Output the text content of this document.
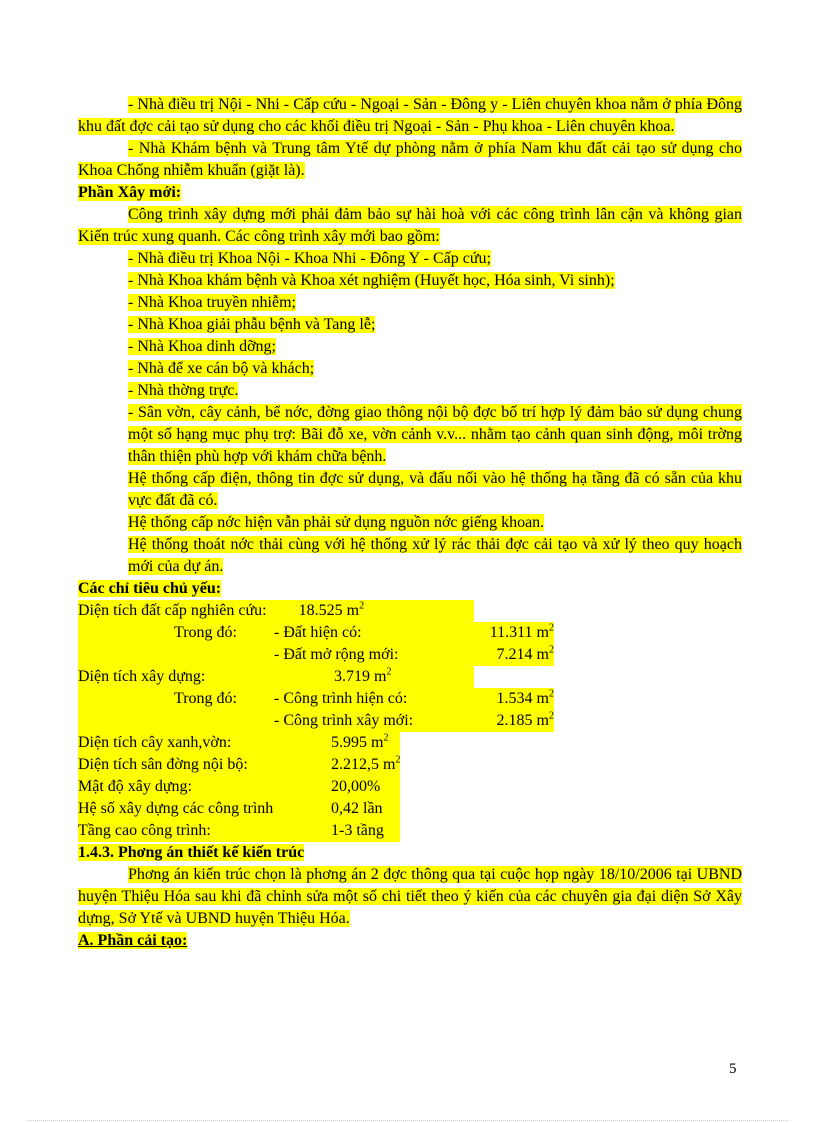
- Nhà điều trị Nội - Nhi - Cấp cứu - Ngoại - Sản - Đông y - Liên chuyên khoa nằm ở phía Đông khu đất đợc cải tạo sử dụng cho các khối điều trị Ngoại - Sản - Phụ khoa - Liên chuyên khoa.

- Nhà Khám bệnh và Trung tâm Ytế dự phòng nằm ở phía Nam khu đất cải tạo sử dụng cho Khoa Chống nhiễm khuẩn (giặt là).

Phần Xây mới:

Công trình xây dựng mới phải đảm bảo sự hài hoà với các công trình lân cận và không gian Kiến trúc xung quanh. Các công trình xây mới bao gồm:

- Nhà điều trị Khoa Nội - Khoa Nhi - Đông Y - Cấp cứu;

- Nhà Khoa khám bệnh và Khoa xét nghiệm (Huyết học, Hóa sinh, Vi sinh);

- Nhà Khoa truyền nhiễm;

- Nhà Khoa giải phẫu bệnh và Tang lễ;

- Nhà Khoa dinh dỡng;

- Nhà để xe cán bộ và khách;

- Nhà thờng trực.

- Sân vờn, cây cảnh, bể nớc, đờng giao thông nội bộ đợc bố trí hợp lý đảm bảo sử dụng chung một số hạng mục phụ trợ: Bãi đỗ xe, vờn cảnh v.v... nhằm tạo cảnh quan sinh động, môi trờng thân thiện phù hợp với khám chữa bệnh.

Hệ thống cấp điện, thông tin đợc sử dụng, và đấu nối vào hệ thống hạ tầng đã có sẵn của khu vực đất đã có.

Hệ thống cấp nớc hiện vẫn phải sử dụng nguồn nớc giếng khoan.

Hệ thống thoát nớc thải cùng với hệ thống xử lý rác thải đợc cải tạo và xử lý theo quy hoạch mới của dự án.

Các chỉ tiêu chủ yếu:

Diện tích đất cấp nghiên cứu: 18.525 $m^2$	
	Trong đó:	- Đất hiện có:	11.311 $m^2$
		- Đất mở rộng mới:	7.214 $m^2$
Diện tích xây dựng:		3.719 $m^2$	
	Trong đó:	- Công trình hiện có:	1.534 $m^2$
		- Công trình xây mới:	2.185 $m^2$
Diện tích cây xanh,vờn:	5.995 $m^2$
Diện tích sân đờng nội bộ:	2.212,5 $m^2$
Mật độ xây dựng:	20,00%
Hệ số xây dựng các công trình	0,42 lần
Tầng cao công trình:	1-3 tầng

1.4.3. Phơng án thiết kế kiến trúc

Phơng án kiến trúc chọn là phơng án 2 đợc thông qua tại cuộc họp ngày 18/10/2006 tại UBND huyện Thiệu Hóa sau khi đã chỉnh sửa một số chi tiết theo ý kiến của các chuyên gia đại diện Sở Xây dựng, Sở Ytế và UBND huyện Thiệu Hóa.

A. Phần cải tạo:

5
